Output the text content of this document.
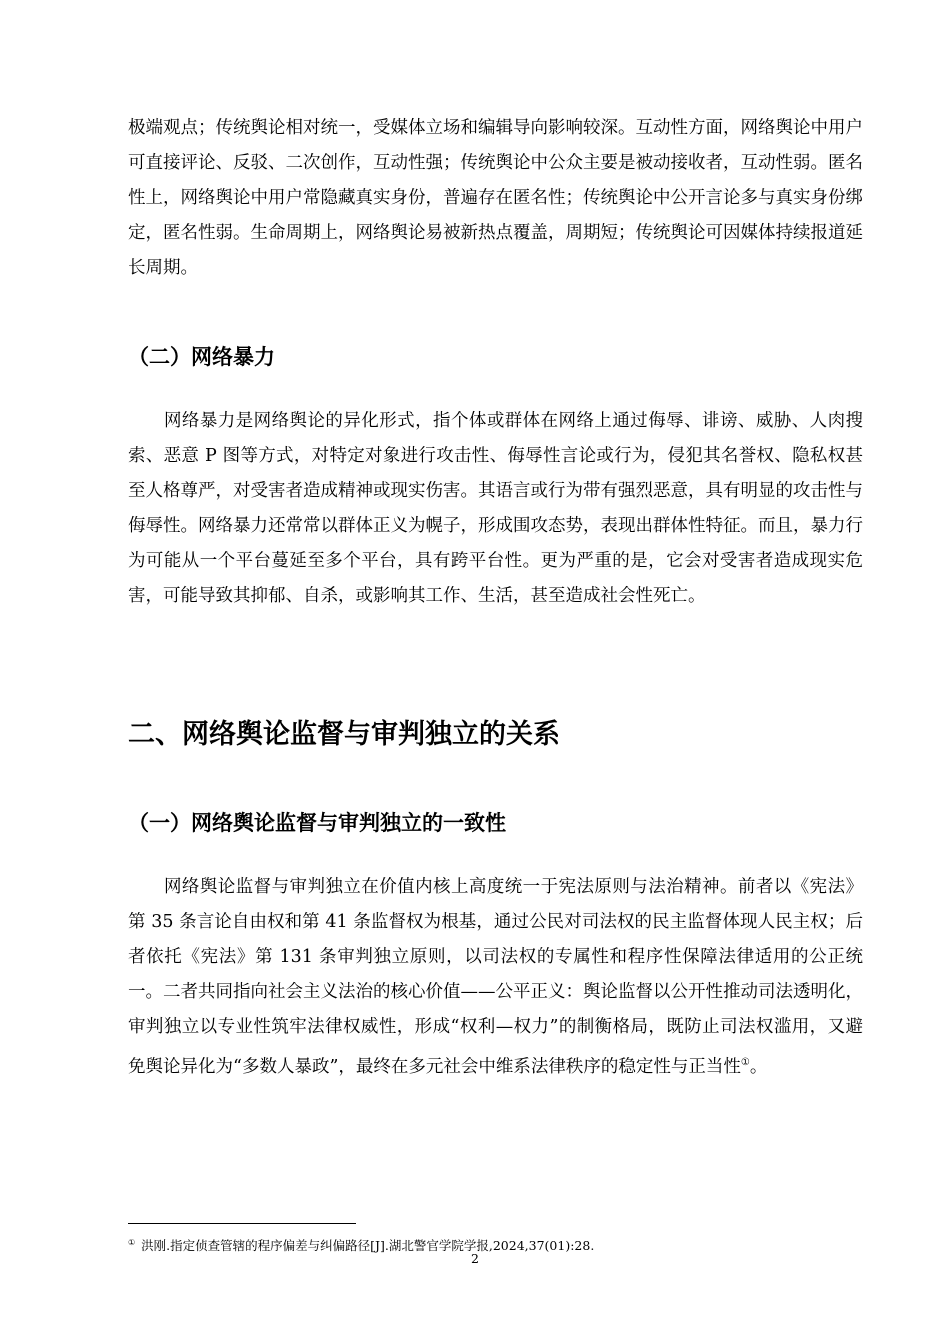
极端观点；传统舆论相对统一，受媒体立场和编辑导向影响较深。互动性方面，网络舆论中用户可直接评论、反驳、二次创作，互动性强；传统舆论中公众主要是被动接收者，互动性弱。匿名性上，网络舆论中用户常隐藏真实身份，普遍存在匿名性；传统舆论中公开言论多与真实身份绑定，匿名性弱。生命周期上，网络舆论易被新热点覆盖，周期短；传统舆论可因媒体持续报道延长周期。

（二）网络暴力

网络暴力是网络舆论的异化形式，指个体或群体在网络上通过侮辱、诽谤、威胁、人肉搜索、恶意 P 图等方式，对特定对象进行攻击性、侮辱性言论或行为，侵犯其名誉权、隐私权甚至人格尊严，对受害者造成精神或现实伤害。其语言或行为带有强烈恶意，具有明显的攻击性与侮辱性。网络暴力还常常以群体正义为幌子，形成围攻态势，表现出群体性特征。而且，暴力行为可能从一个平台蔓延至多个平台，具有跨平台性。更为严重的是，它会对受害者造成现实危害，可能导致其抑郁、自杀，或影响其工作、生活，甚至造成社会性死亡。

二、网络舆论监督与审判独立的关系
（一）网络舆论监督与审判独立的一致性

网络舆论监督与审判独立在价值内核上高度统一于宪法原则与法治精神。前者以《宪法》第 35 条言论自由权和第 41 条监督权为根基，通过公民对司法权的民主监督体现人民主权；后者依托《宪法》第 131 条审判独立原则，以司法权的专属性和程序性保障法律适用的公正统一。二者共同指向社会主义法治的核心价值——公平正义：舆论监督以公开性推动司法透明化，审判独立以专业性筑牢法律权威性，形成“权利—权力”的制衡格局，既防止司法权滥用，又避免舆论异化为“多数人暴政”，最终在多元社会中维系法律秩序的稳定性与正当性①。

① 洪刚.指定侦查管辖的程序偏差与纠偏路径[J].湖北警官学院学报,2024,37(01):28.
2
